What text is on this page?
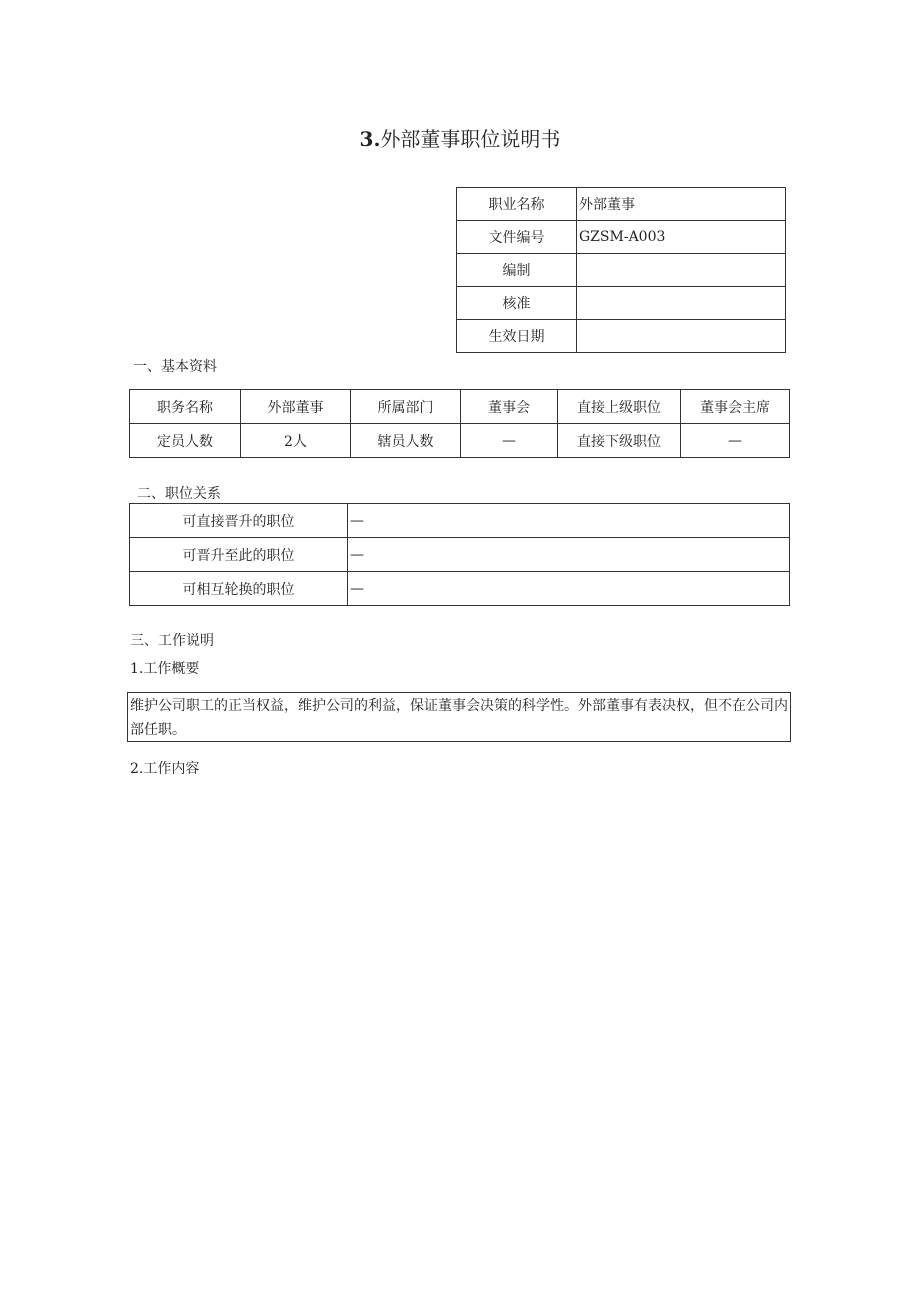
3.外部董事职位说明书
职业名称	外部董事
文件编号	GZSM-A003
编制	
核准	
生效日期	
一、基本资料
职务名称	外部董事	所属部门	董事会	直接上级职位	董事会主席
定员人数	2人	辖员人数	—	直接下级职位	—
二、职位关系
可直接晋升的职位	—
可晋升至此的职位	—
可相互轮换的职位	—
三、工作说明
1.工作概要
维护公司职工的正当权益，维护公司的利益，保证董事会决策的科学性。外部董事有表决权，但不在公司内部任职。
2.工作内容
